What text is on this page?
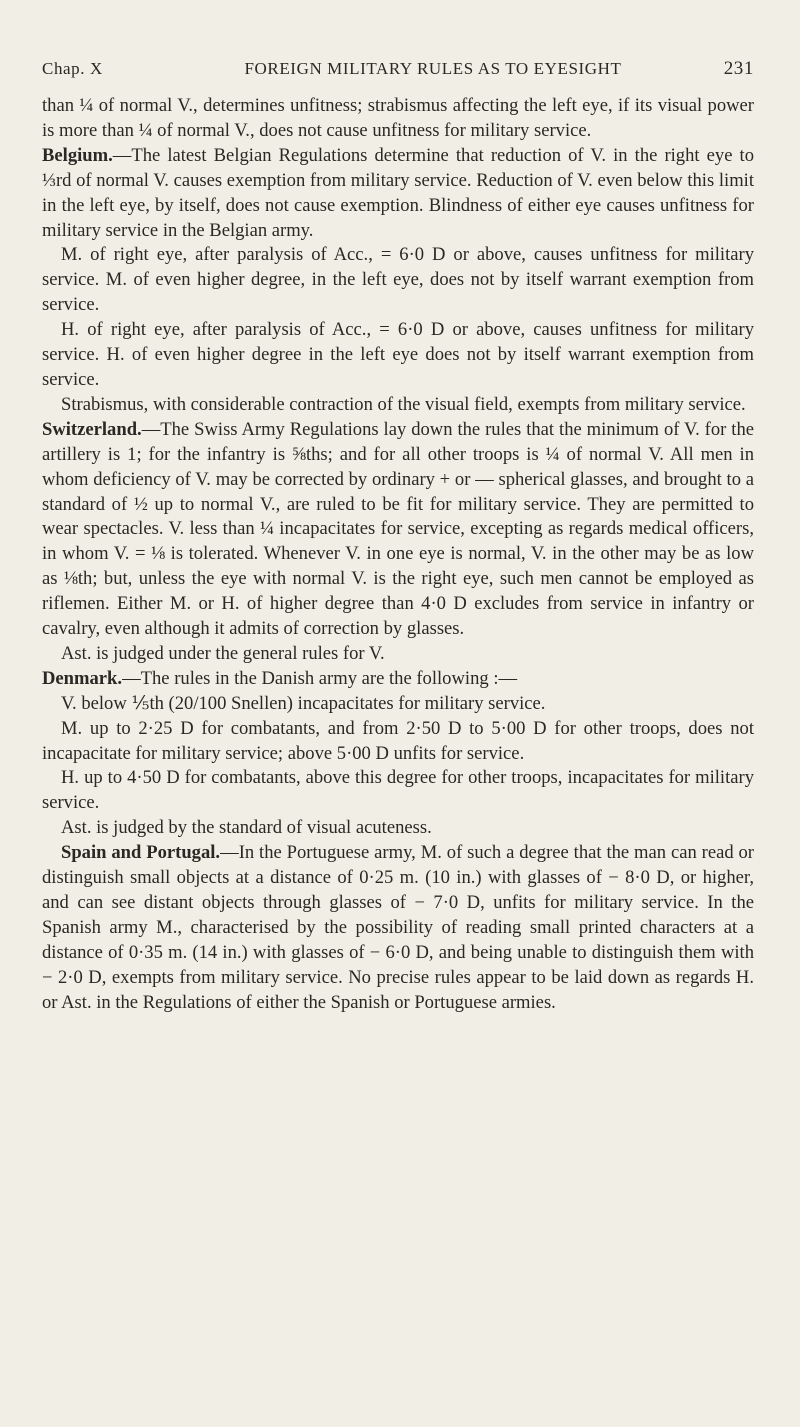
Chap. X	FOREIGN MILITARY RULES AS TO EYESIGHT	231

than ¼ of normal V., determines unfitness; strabismus affecting the left eye, if its visual power is more than ¼ of normal V., does not cause unfitness for military service.

Belgium.—The latest Belgian Regulations determine that reduction of V. in the right eye to ⅓rd of normal V. causes exemption from military service. Reduction of V. even below this limit in the left eye, by itself, does not cause exemption. Blindness of either eye causes unfitness for military service in the Belgian army.

M. of right eye, after paralysis of Acc., = 6·0 D or above, causes unfitness for military service. M. of even higher degree, in the left eye, does not by itself warrant exemption from service.

H. of right eye, after paralysis of Acc., = 6·0 D or above, causes unfitness for military service. H. of even higher degree in the left eye does not by itself warrant exemption from service.

Strabismus, with considerable contraction of the visual field, exempts from military service.

Switzerland.—The Swiss Army Regulations lay down the rules that the minimum of V. for the artillery is 1; for the infantry is ⅝ths; and for all other troops is ¼ of normal V. All men in whom deficiency of V. may be corrected by ordinary + or — spherical glasses, and brought to a standard of ½ up to normal V., are ruled to be fit for military service. They are permitted to wear spectacles. V. less than ¼ incapacitates for service, excepting as regards medical officers, in whom V. = ⅛ is tolerated. Whenever V. in one eye is normal, V. in the other may be as low as ⅛th; but, unless the eye with normal V. is the right eye, such men cannot be employed as riflemen. Either M. or H. of higher degree than 4·0 D excludes from service in infantry or cavalry, even although it admits of correction by glasses.

Ast. is judged under the general rules for V.

Denmark.—The rules in the Danish army are the following :—

V. below ⅕th (20/100 Snellen) incapacitates for military service.

M. up to 2·25 D for combatants, and from 2·50 D to 5·00 D for other troops, does not incapacitate for military service; above 5·00 D unfits for service.

H. up to 4·50 D for combatants, above this degree for other troops, incapacitates for military service.

Ast. is judged by the standard of visual acuteness.

Spain and Portugal.—In the Portuguese army, M. of such a degree that the man can read or distinguish small objects at a distance of 0·25 m. (10 in.) with glasses of − 8·0 D, or higher, and can see distant objects through glasses of − 7·0 D, unfits for military service. In the Spanish army M., characterised by the possibility of reading small printed characters at a distance of 0·35 m. (14 in.) with glasses of − 6·0 D, and being unable to distinguish them with − 2·0 D, exempts from military service. No precise rules appear to be laid down as regards H. or Ast. in the Regulations of either the Spanish or Portuguese armies.
